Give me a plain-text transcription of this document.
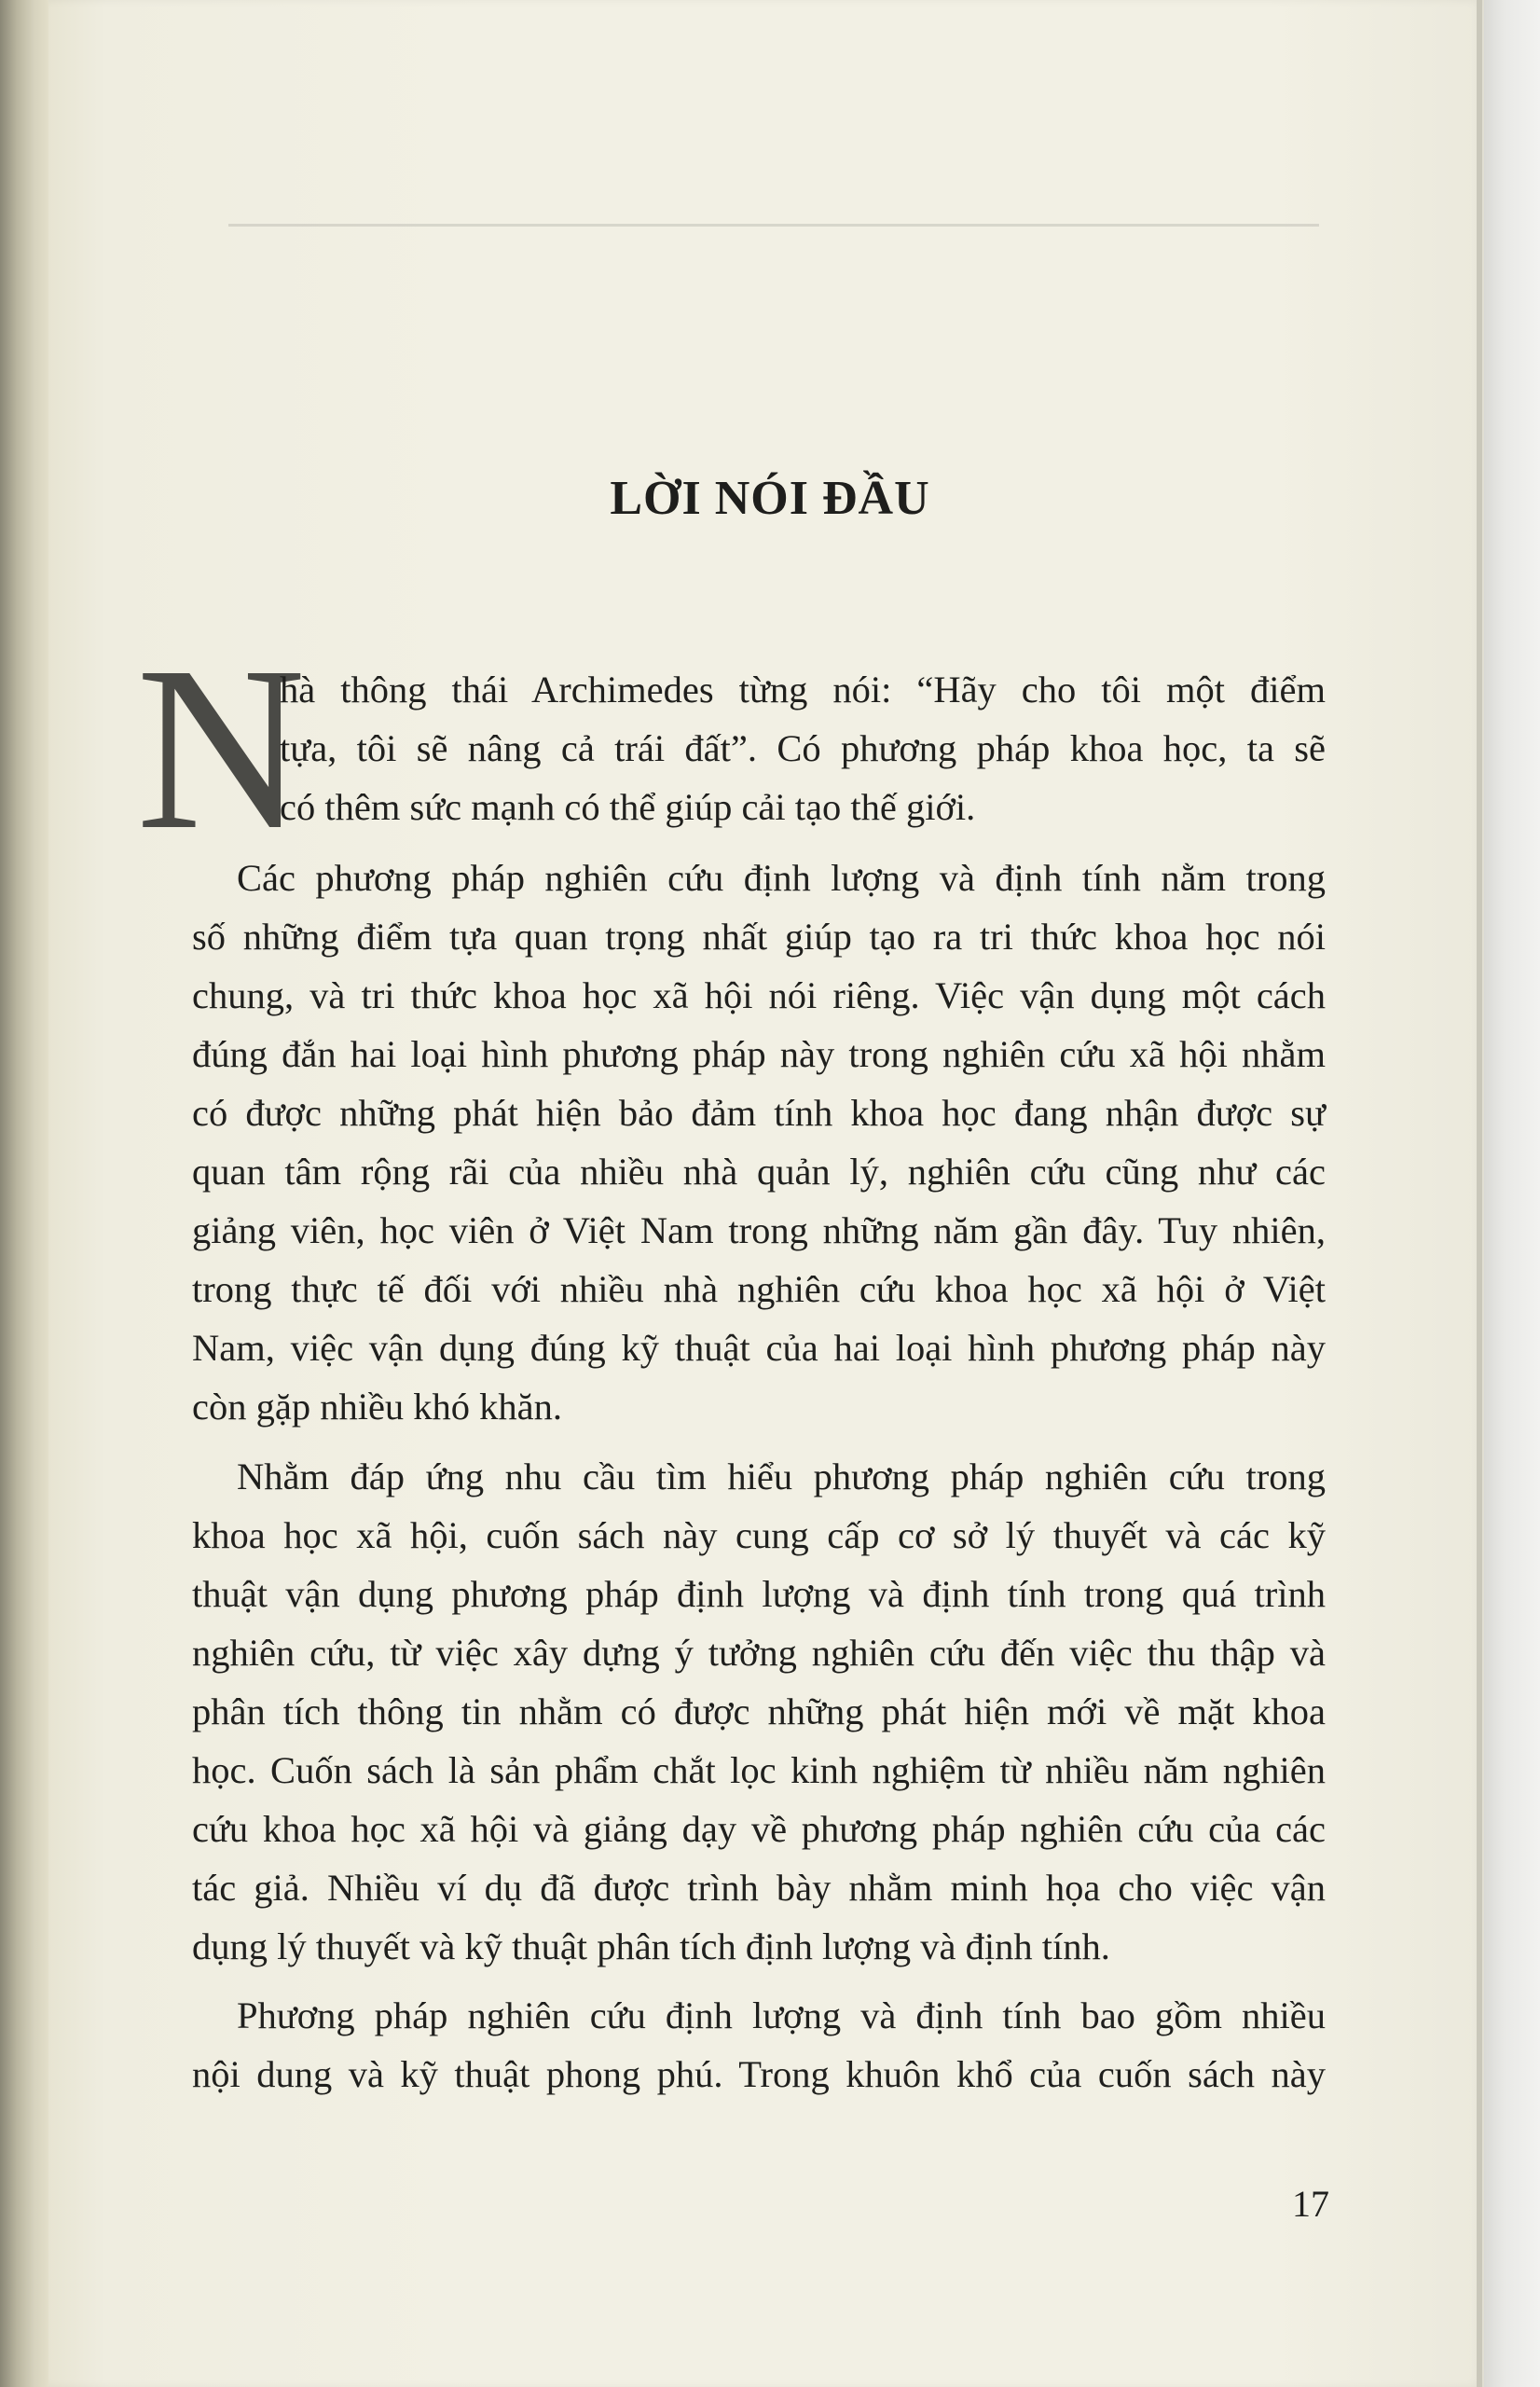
LỜI NÓI ĐẦU
N
hà thông thái Archimedes từng nói: “Hãy cho tôi một điểm
tựa, tôi sẽ nâng cả trái đất”. Có phương pháp khoa học, ta sẽ
có thêm sức mạnh có thể giúp cải tạo thế giới.
Các phương pháp nghiên cứu định lượng và định tính nằm trong
số những điểm tựa quan trọng nhất giúp tạo ra tri thức khoa học nói
chung, và tri thức khoa học xã hội nói riêng. Việc vận dụng một cách
đúng đắn hai loại hình phương pháp này trong nghiên cứu xã hội nhằm
có được những phát hiện bảo đảm tính khoa học đang nhận được sự
quan tâm rộng rãi của nhiều nhà quản lý, nghiên cứu cũng như các
giảng viên, học viên ở Việt Nam trong những năm gần đây. Tuy nhiên,
trong thực tế đối với nhiều nhà nghiên cứu khoa học xã hội ở Việt
Nam, việc vận dụng đúng kỹ thuật của hai loại hình phương pháp này
còn gặp nhiều khó khăn.
Nhằm đáp ứng nhu cầu tìm hiểu phương pháp nghiên cứu trong
khoa học xã hội, cuốn sách này cung cấp cơ sở lý thuyết và các kỹ
thuật vận dụng phương pháp định lượng và định tính trong quá trình
nghiên cứu, từ việc xây dựng ý tưởng nghiên cứu đến việc thu thập và
phân tích thông tin nhằm có được những phát hiện mới về mặt khoa
học. Cuốn sách là sản phẩm chắt lọc kinh nghiệm từ nhiều năm nghiên
cứu khoa học xã hội và giảng dạy về phương pháp nghiên cứu của các
tác giả. Nhiều ví dụ đã được trình bày nhằm minh họa cho việc vận
dụng lý thuyết và kỹ thuật phân tích định lượng và định tính.
Phương pháp nghiên cứu định lượng và định tính bao gồm nhiều
nội dung và kỹ thuật phong phú. Trong khuôn khổ của cuốn sách này
17
